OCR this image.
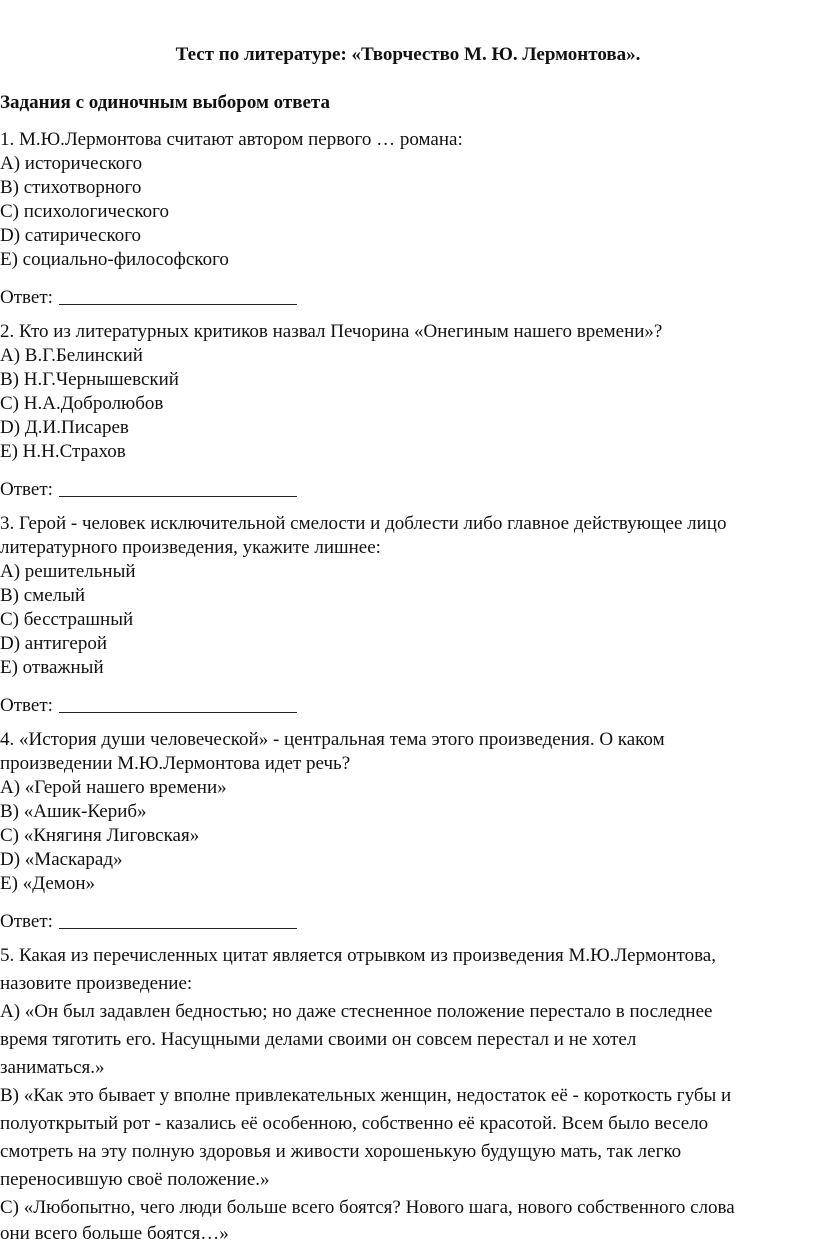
Тест по литературе: «Творчество М. Ю. Лермонтова».
Задания с одиночным выбором ответа
1. М.Ю.Лермонтова считают автором первого … романа:
A) исторического
B) стихотворного
C) психологического
D) сатирического
E) социально-философского
Ответ:
2. Кто из литературных критиков назвал Печорина «Онегиным нашего времени»?
A) В.Г.Белинский
B) Н.Г.Чернышевский
C) Н.А.Добролюбов
D) Д.И.Писарев
E) Н.Н.Страхов
Ответ:
3. Герой - человек исключительной смелости и доблести либо главное действующее лицо
литературного произведения, укажите лишнее:
A) решительный
B) смелый
C) бесстрашный
D) антигерой
E) отважный
Ответ:
4. «История души человеческой» - центральная тема этого произведения. О каком
произведении М.Ю.Лермонтова идет речь?
A) «Герой нашего времени»
B) «Ашик-Кериб»
C) «Княгиня Лиговская»
D) «Маскарад»
E) «Демон»
Ответ:
5. Какая из перечисленных цитат является отрывком из произведения М.Ю.Лермонтова,
назовите произведение:
A) «Он был задавлен бедностью; но даже стесненное положение перестало в последнее
время тяготить его. Насущными делами своими он совсем перестал и не хотел
заниматься.»
B) «Как это бывает у вполне привлекательных женщин, недостаток её - короткость губы и
полуоткрытый рот - казались её особенною, собственно её красотой. Всем было весело
смотреть на эту полную здоровья и живости хорошенькую будущую мать, так легко
переносившую своё положение.»
C) «Любопытно, чего люди больше всего боятся? Нового шага, нового собственного слова
они всего больше боятся…»
